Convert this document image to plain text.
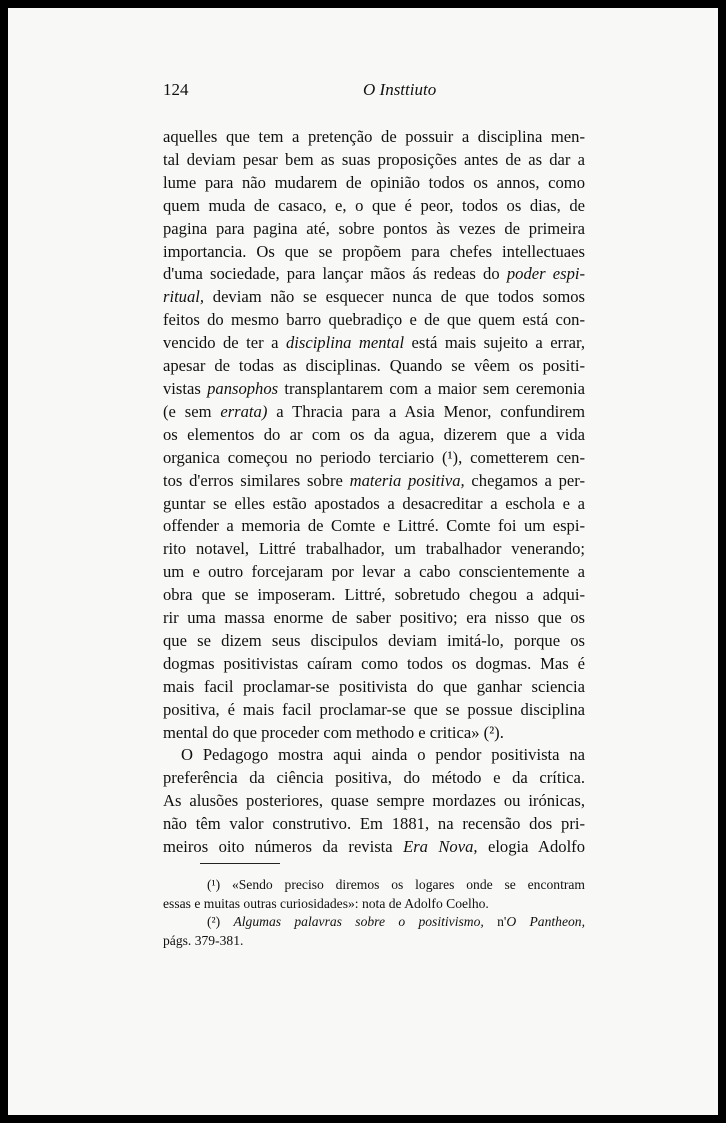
124	O Insttiuto
aquelles que tem a pretenção de possuir a disciplina men-
tal deviam pesar bem as suas proposições antes de as dar a
lume para não mudarem de opinião todos os annos, como
quem muda de casaco, e, o que é peor, todos os dias, de
pagina para pagina até, sobre pontos às vezes de primeira
importancia. Os que se propõem para chefes intellectuaes
d'uma sociedade, para lançar mãos ás redeas do poder espi-
ritual, deviam não se esquecer nunca de que todos somos
feitos do mesmo barro quebradiço e de que quem está con-
vencido de ter a disciplina mental está mais sujeito a errar,
apesar de todas as disciplinas. Quando se vêem os positi-
vistas pansophos transplantarem com a maior sem ceremonia
(e sem errata) a Thracia para a Asia Menor, confundirem
os elementos do ar com os da agua, dizerem que a vida
organica começou no periodo terciario (¹), cometterem cen-
tos d'erros similares sobre materia positiva, chegamos a per-
guntar se elles estão apostados a desacreditar a eschola e a
offender a memoria de Comte e Littré. Comte foi um espi-
rito notavel, Littré trabalhador, um trabalhador venerando;
um e outro forcejaram por levar a cabo conscientemente a
obra que se imposeram. Littré, sobretudo chegou a adqui-
rir uma massa enorme de saber positivo; era nisso que os
que se dizem seus discipulos deviam imitá-lo, porque os
dogmas positivistas caíram como todos os dogmas. Mas é
mais facil proclamar-se positivista do que ganhar sciencia
positiva, é mais facil proclamar-se que se possue disciplina
mental do que proceder com methodo e critica» (²).
O Pedagogo mostra aqui ainda o pendor positivista na
preferência da ciência positiva, do método e da crítica.
As alusões posteriores, quase sempre mordazes ou irónicas,
não têm valor construtivo. Em 1881, na recensão dos pri-
meiros oito números da revista Era Nova, elogia Adolfo
(¹) «Sendo preciso diremos os logares onde se encontram
essas e muitas outras curiosidades»: nota de Adolfo Coelho.
(²) Algumas palavras sobre o positivismo, n'O Pantheon,
págs. 379-381.
